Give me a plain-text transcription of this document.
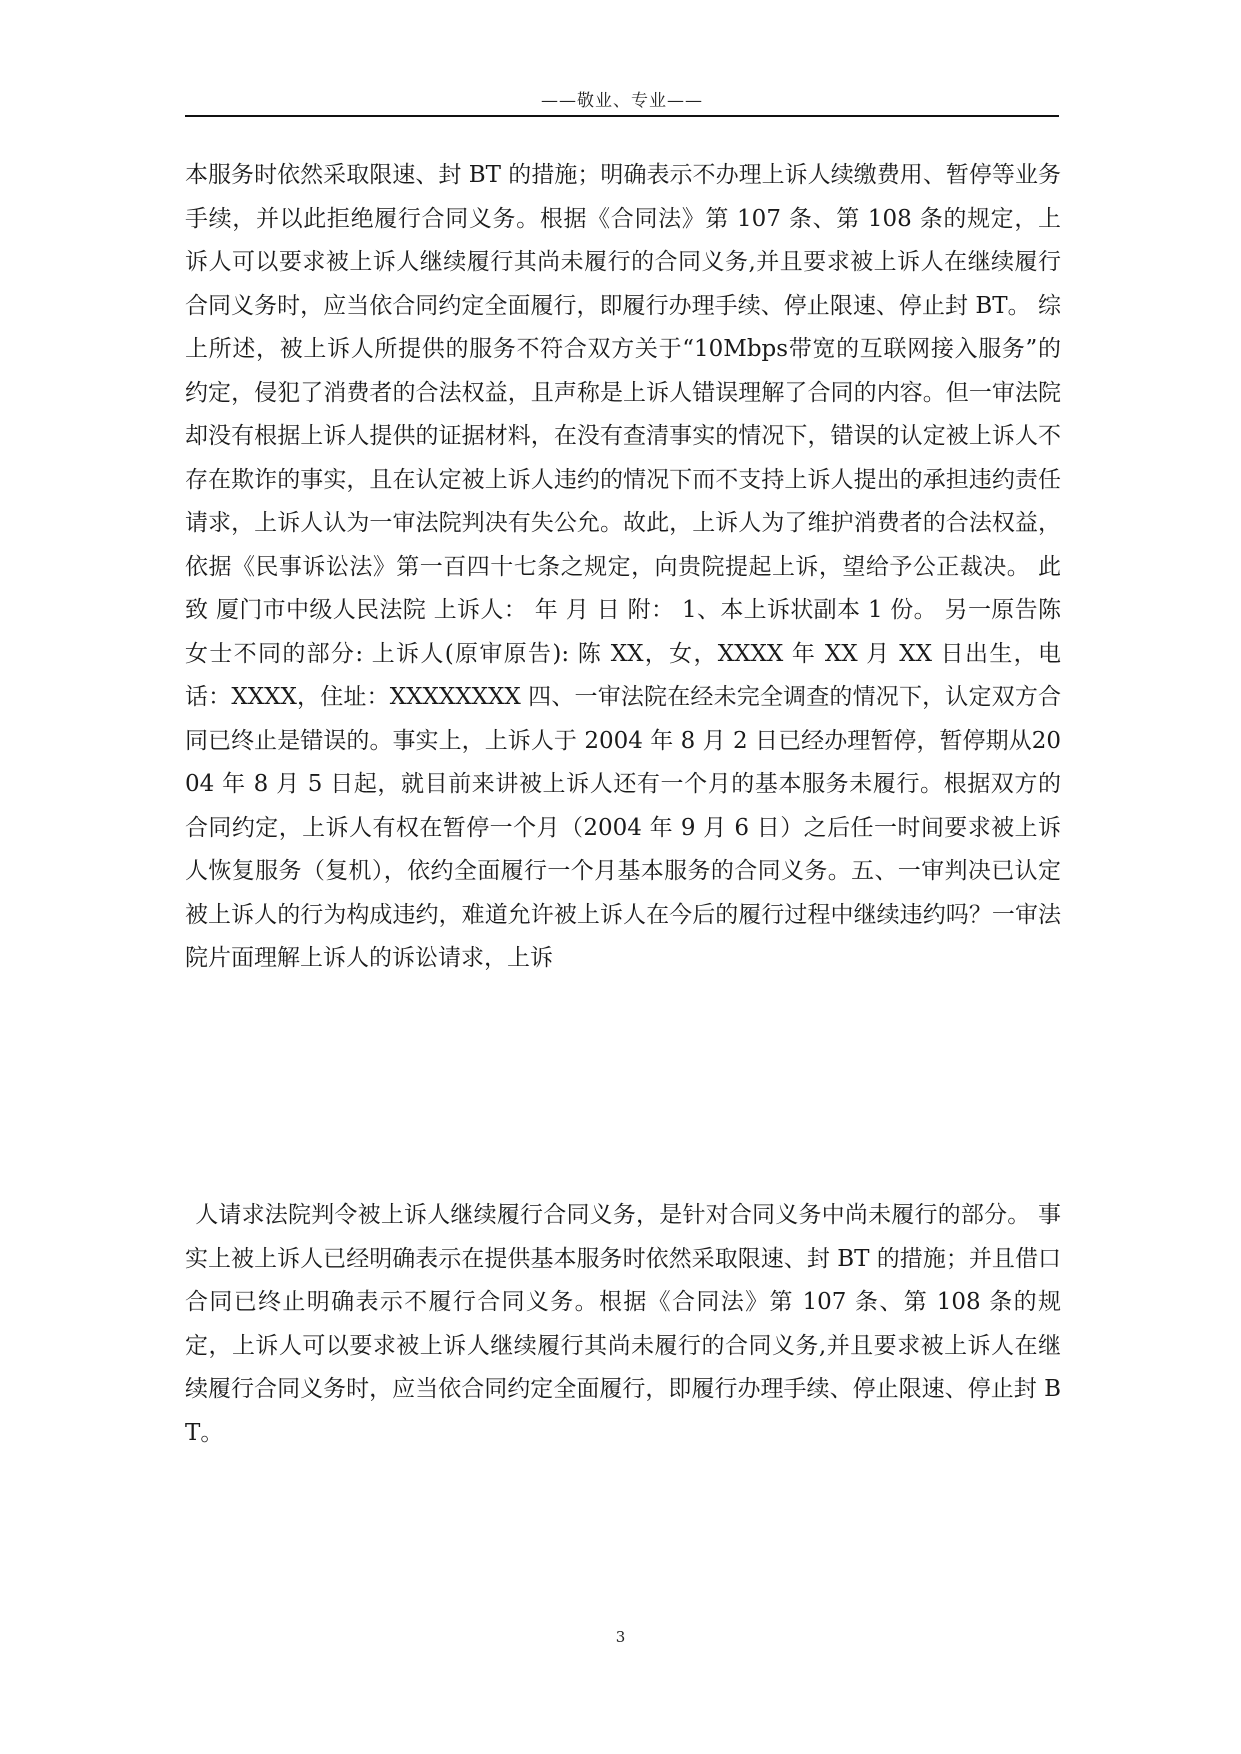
——敬业、专业——

本服务时依然采取限速、封 BT 的措施；明确表示不办理上诉人续缴费用、暂停等业务手续，并以此拒绝履行合同义务。根据《合同法》第 107 条、第 108 条的规定，上诉人可以要求被上诉人继续履行其尚未履行的合同义务,并且要求被上诉人在继续履行合同义务时，应当依合同约定全面履行，即履行办理手续、停止限速、停止封 BT。 综上所述，被上诉人所提供的服务不符合双方关于“10Mbps带宽的互联网接入服务”的约定，侵犯了消费者的合法权益，且声称是上诉人错误理解了合同的内容。但一审法院却没有根据上诉人提供的证据材料，在没有查清事实的情况下，错误的认定被上诉人不存在欺诈的事实，且在认定被上诉人违约的情况下而不支持上诉人提出的承担违约责任请求，上诉人认为一审法院判决有失公允。故此，上诉人为了维护消费者的合法权益，依据《民事诉讼法》第一百四十七条之规定，向贵院提起上诉，望给予公正裁决。 此致 厦门市中级人民法院 上诉人： 年 月 日 附： 1、本上诉状副本 1 份。 另一原告陈女士不同的部分: 上诉人(原审原告): 陈 XX，女，XXXX 年 XX 月 XX 日出生，电话：XXXX，住址：XXXXXXXX 四、一审法院在经未完全调查的情况下，认定双方合同已终止是错误的。事实上，上诉人于 2004 年 8 月 2 日已经办理暂停，暂停期从2004 年 8 月 5 日起，就目前来讲被上诉人还有一个月的基本服务未履行。根据双方的合同约定，上诉人有权在暂停一个月（2004 年 9 月 6 日）之后任一时间要求被上诉人恢复服务（复机），依约全面履行一个月基本服务的合同义务。五、一审判决已认定被上诉人的行为构成违约，难道允许被上诉人在今后的履行过程中继续违约吗？一审法院片面理解上诉人的诉讼请求，上诉

人请求法院判令被上诉人继续履行合同义务，是针对合同义务中尚未履行的部分。 事实上被上诉人已经明确表示在提供基本服务时依然采取限速、封 BT 的措施；并且借口合同已终止明确表示不履行合同义务。根据《合同法》第 107 条、第 108 条的规定，上诉人可以要求被上诉人继续履行其尚未履行的合同义务,并且要求被上诉人在继续履行合同义务时，应当依合同约定全面履行，即履行办理手续、停止限速、停止封 BT。

3
